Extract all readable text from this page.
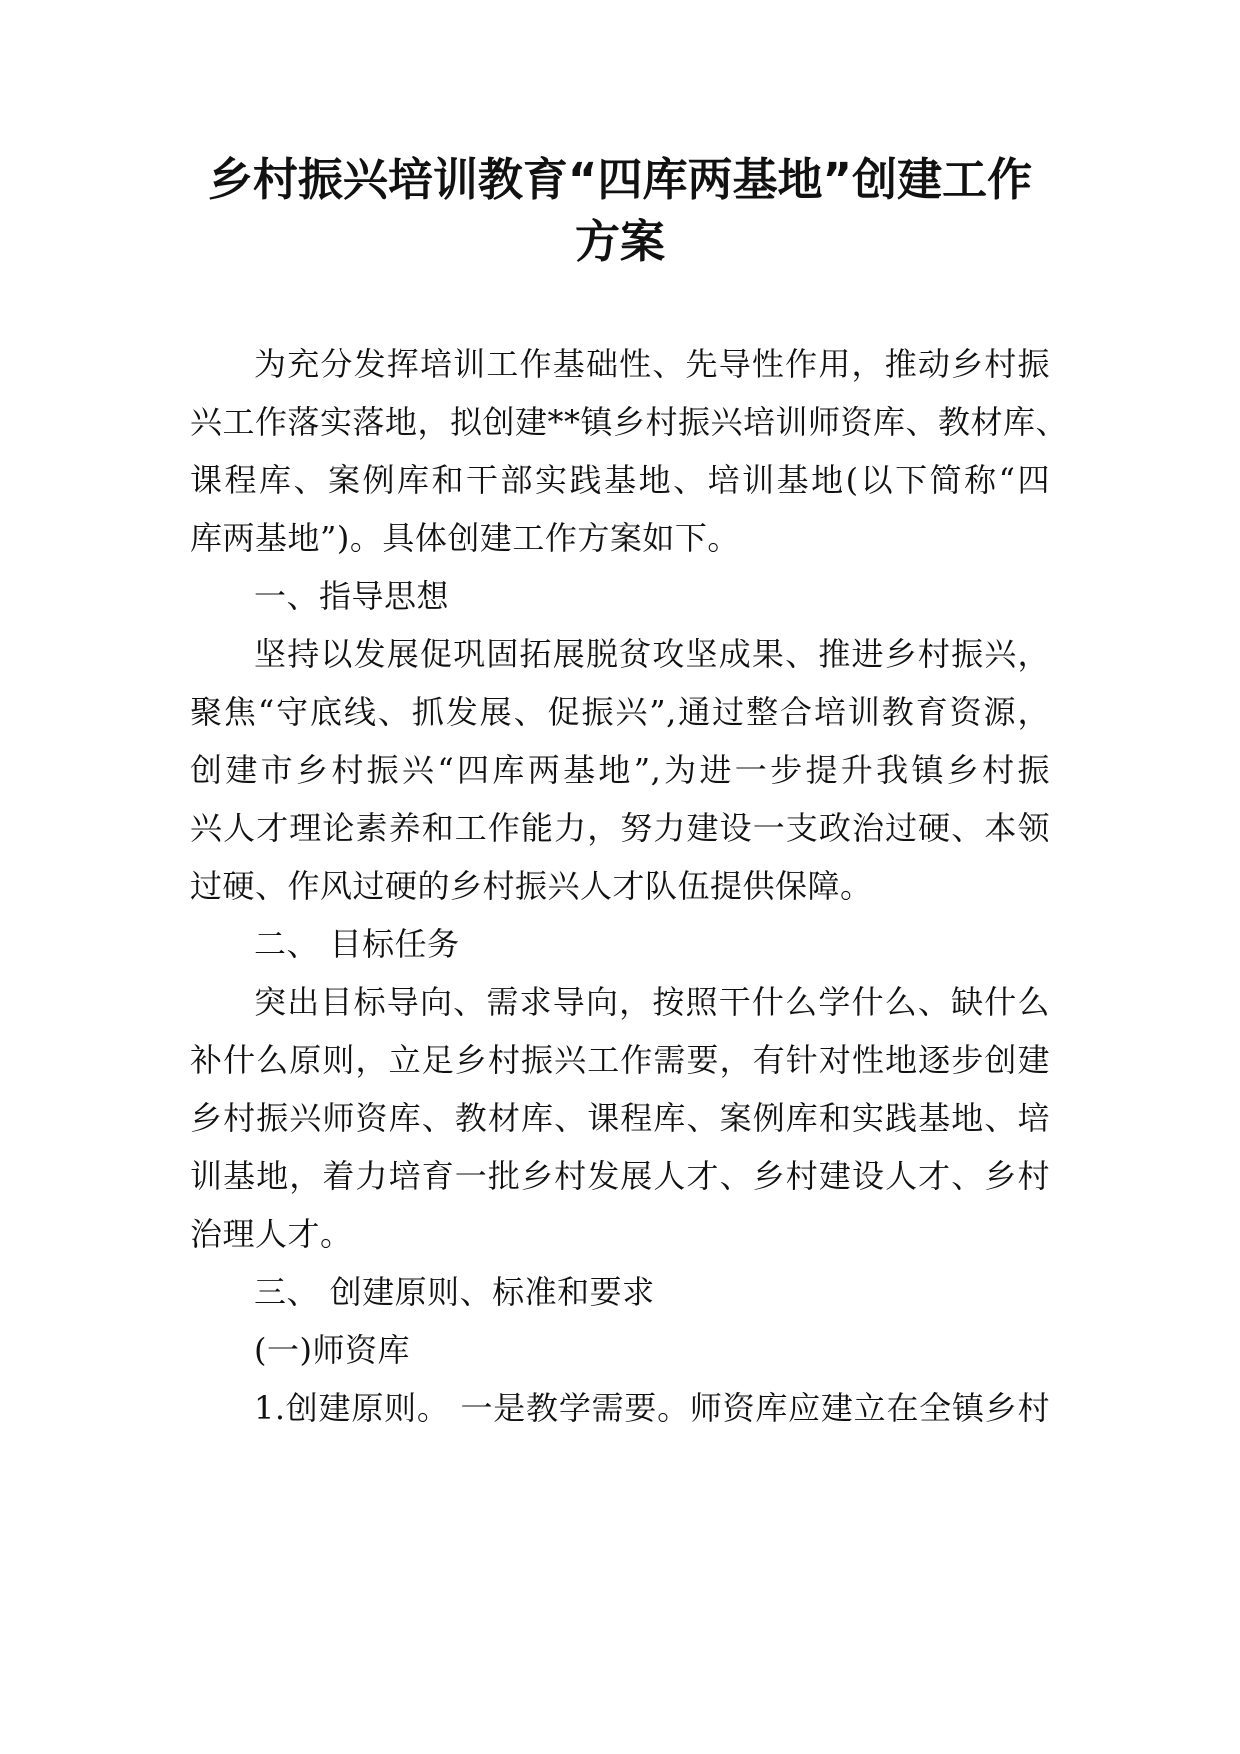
乡村振兴培训教育“四库两基地”创建工作
方案
为充分发挥培训工作基础性、先导性作用，推动乡村振
兴工作落实落地，拟创建**镇乡村振兴培训师资库、教材库、
课程库、案例库和干部实践基地、培训基地(以下简称“四
库两基地”)。具体创建工作方案如下。
一、指导思想
坚持以发展促巩固拓展脱贫攻坚成果、推进乡村振兴，
聚焦“守底线、抓发展、促振兴”,通过整合培训教育资源，
创建市乡村振兴“四库两基地”,为进一步提升我镇乡村振
兴人才理论素养和工作能力，努力建设一支政治过硬、本领
过硬、作风过硬的乡村振兴人才队伍提供保障。
二、 目标任务
突出目标导向、需求导向，按照干什么学什么、缺什么
补什么原则，立足乡村振兴工作需要，有针对性地逐步创建
乡村振兴师资库、教材库、课程库、案例库和实践基地、培
训基地，着力培育一批乡村发展人才、乡村建设人才、乡村
治理人才。
三、 创建原则、标准和要求
(一)师资库
1.创建原则。 一是教学需要。师资库应建立在全镇乡村
